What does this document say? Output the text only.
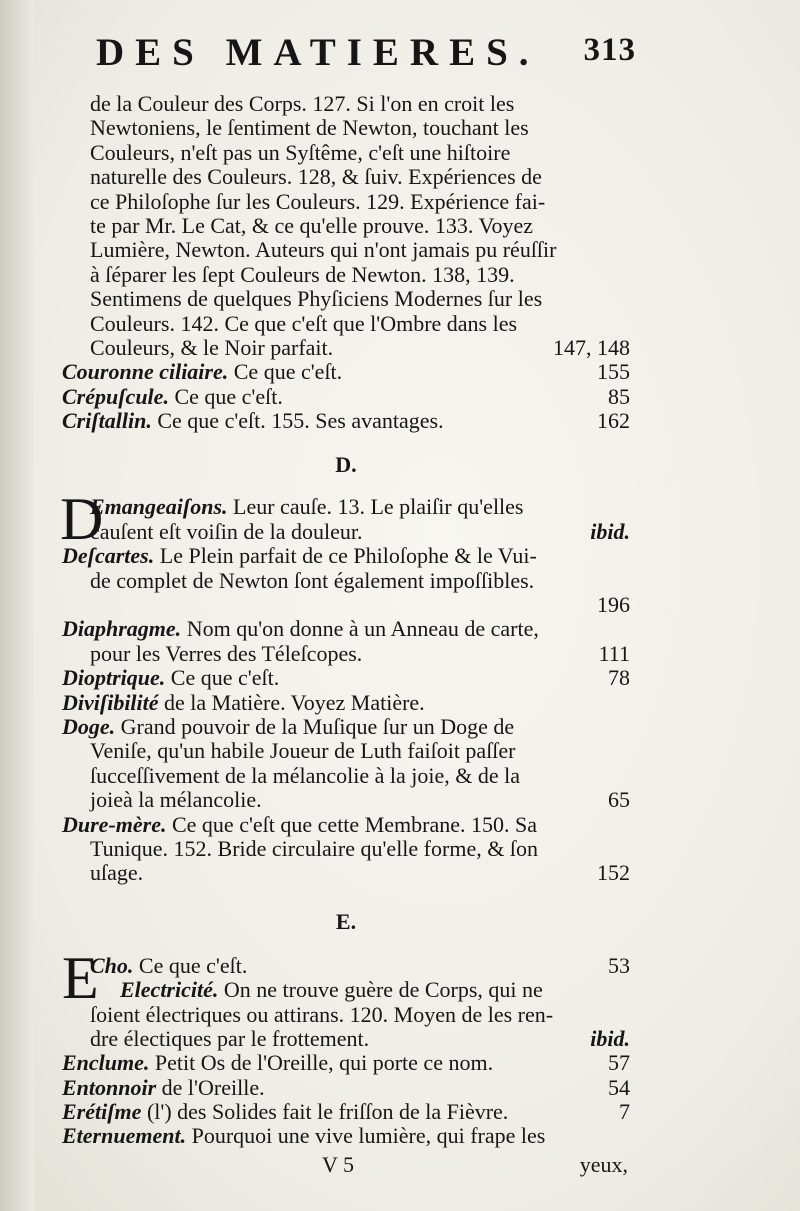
DES MATIERES. 313
de la Couleur des Corps. 127. Si l'on en croit les
Newtoniens, le ſentiment de Newton, touchant les
Couleurs, n'eſt pas un Syſtême, c'eſt une hiſtoire
naturelle des Couleurs. 128, & ſuiv. Expériences de
ce Philoſophe ſur les Couleurs. 129. Expérience fai-
te par Mr. Le Cat, & ce qu'elle prouve. 133. Voyez
Lumière, Newton. Auteurs qui n'ont jamais pu réuſſir
à ſéparer les ſept Couleurs de Newton. 138, 139.
Sentimens de quelques Phyſiciens Modernes ſur les
Couleurs. 142. Ce que c'eſt que l'Ombre dans les
Couleurs, & le Noir parfait.	147, 148
Couronne ciliaire. Ce que c'eſt.	155
Crépuſcule. Ce que c'eſt.	85
Criſtallin. Ce que c'eſt. 155. Ses avantages.	162
D.
D
Emangeaiſons. Leur cauſe. 13. Le plaiſir qu'elles
cauſent eſt voiſin de la douleur.	ibid.
Deſcartes. Le Plein parfait de ce Philoſophe & le Vui-
de complet de Newton ſont également impoſſibles.
196
Diaphragme. Nom qu'on donne à un Anneau de carte,
pour les Verres des Téleſcopes.	111
Dioptrique. Ce que c'eſt.	78
Diviſibilité de la Matière. Voyez Matière.
Doge. Grand pouvoir de la Muſique ſur un Doge de
Veniſe, qu'un habile Joueur de Luth faiſoit paſſer
ſucceſſivement de la mélancolie à la joie, & de la
joieà la mélancolie.	65
Dure-mère. Ce que c'eſt que cette Membrane. 150. Sa
Tunique. 152. Bride circulaire qu'elle forme, & ſon
uſage.	152
E.
E
Cho. Ce que c'eſt.	53
Electricité. On ne trouve guère de Corps, qui ne
ſoient électriques ou attirans. 120. Moyen de les ren-
dre électiques par le frottement.	ibid.
Enclume. Petit Os de l'Oreille, qui porte ce nom.	57
Entonnoir de l'Oreille.	54
Erétiſme (l') des Solides fait le friſſon de la Fièvre.	7
Eternuement. Pourquoi une vive lumière, qui frape les
V 5	yeux,
